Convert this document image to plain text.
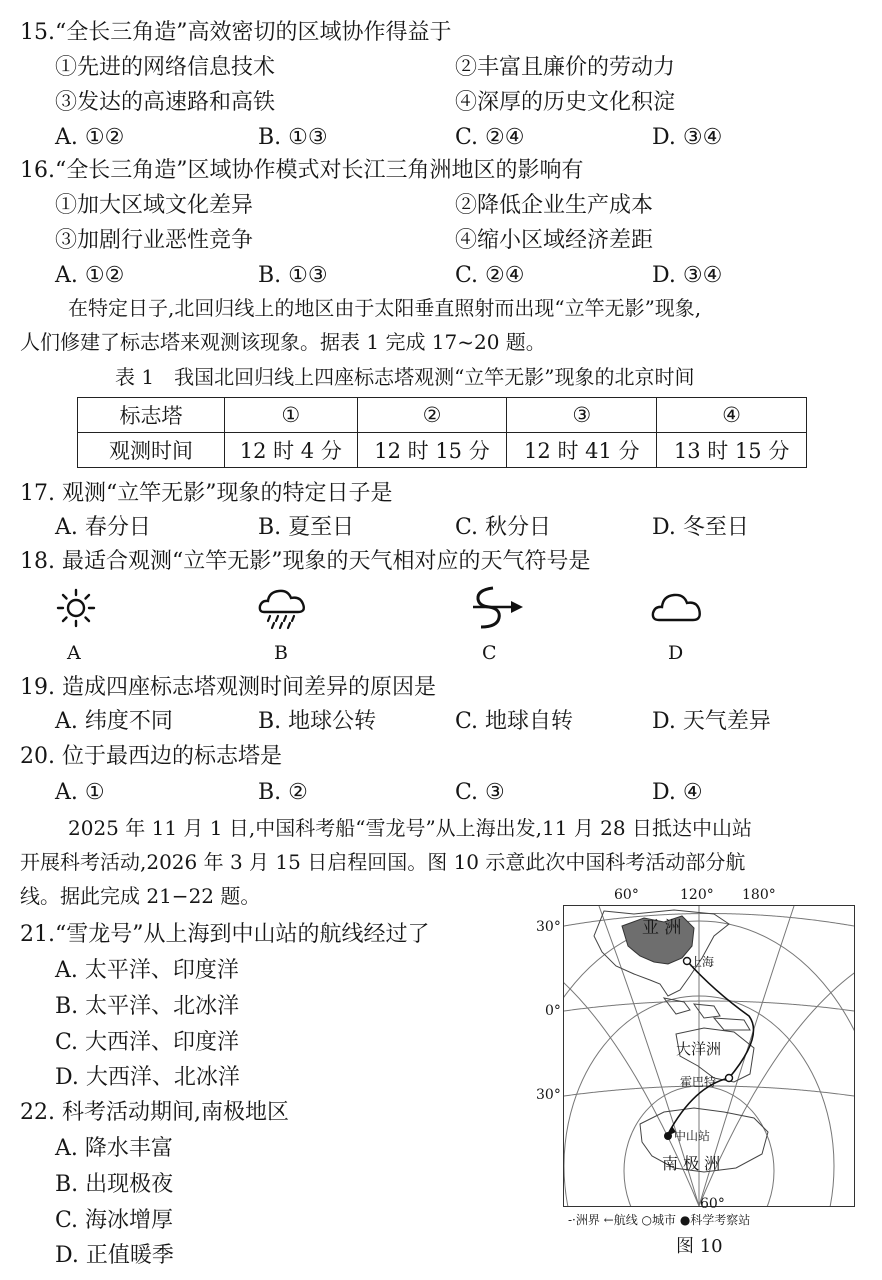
15.“全长三角造”高效密切的区域协作得益于
①先进的网络信息技术	②丰富且廉价的劳动力
③发达的高速路和高铁	④深厚的历史文化积淀
A. ①②	B. ①③	C. ②④	D. ③④
16.“全长三角造”区域协作模式对长江三角洲地区的影响有
①加大区域文化差异	②降低企业生产成本
③加剧行业恶性竞争	④缩小区域经济差距
A. ①②	B. ①③	C. ②④	D. ③④
在特定日子,北回归线上的地区由于太阳垂直照射而出现“立竿无影”现象,
人们修建了标志塔来观测该现象。据表 1 完成 17~20 题。
表 1　我国北回归线上四座标志塔观测“立竿无影”现象的北京时间
标志塔	①	②	③	④
观测时间	12 时 4 分	12 时 15 分	12 时 41 分	13 时 15 分
17. 观测“立竿无影”现象的特定日子是
A. 春分日	B. 夏至日	C. 秋分日	D. 冬至日
18. 最适合观测“立竿无影”现象的天气相对应的天气符号是
A	B	C	D
19. 造成四座标志塔观测时间差异的原因是
A. 纬度不同	B. 地球公转	C. 地球自转	D. 天气差异
20. 位于最西边的标志塔是
A. ①	B. ②	C. ③	D. ④
2025 年 11 月 1 日,中国科考船“雪龙号”从上海出发,11 月 28 日抵达中山站
开展科考活动,2026 年 3 月 15 日启程回国。图 10 示意此次中国科考活动部分航
线。据此完成 21−22 题。
21.“雪龙号”从上海到中山站的航线经过了
A. 太平洋、印度洋
B. 太平洋、北冰洋
C. 大西洋、印度洋
D. 大西洋、北冰洋
22. 科考活动期间,南极地区
A. 降水丰富
B. 出现极夜
C. 海冰增厚
D. 正值暖季
60°	120° 180°
30°
0°
30°
亚 洲
上海
大洋洲
霍巴特
中山站
南 极 洲
60°
-·洲界 ←航线 ○城市 ●科学考察站
图 10
